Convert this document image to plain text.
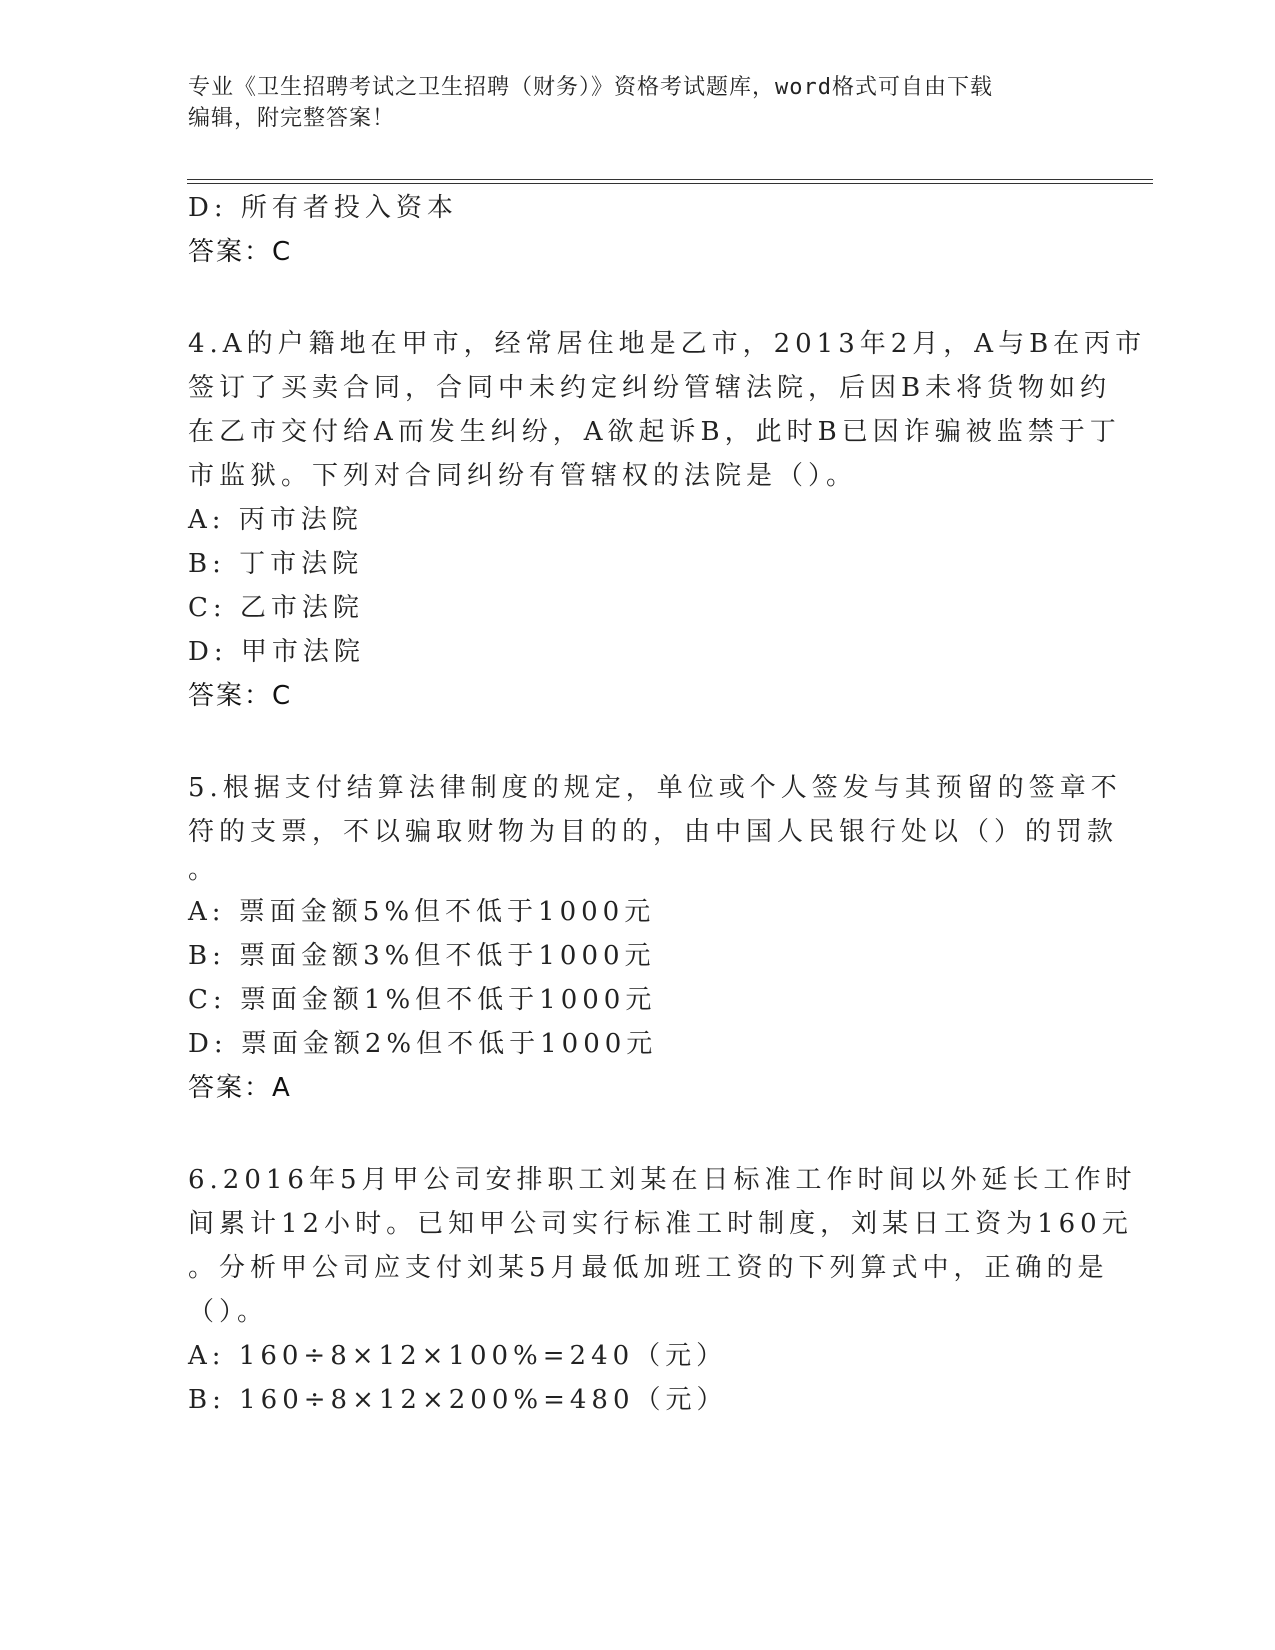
专业《卫生招聘考试之卫生招聘（财务）》资格考试题库，word格式可自由下载
编辑，附完整答案！
D: 所有者投入资本
答案：C
4.A的户籍地在甲市，经常居住地是乙市，2013年2月，A与B在丙市
签订了买卖合同，合同中未约定纠纷管辖法院，后因B未将货物如约
在乙市交付给A而发生纠纷，A欲起诉B，此时B已因诈骗被监禁于丁
市监狱。下列对合同纠纷有管辖权的法院是（）。
A: 丙市法院
B: 丁市法院
C: 乙市法院
D: 甲市法院
答案：C
5.根据支付结算法律制度的规定，单位或个人签发与其预留的签章不
符的支票，不以骗取财物为目的的，由中国人民银行处以（）的罚款
。
A: 票面金额5%但不低于1000元
B: 票面金额3%但不低于1000元
C: 票面金额1%但不低于1000元
D: 票面金额2%但不低于1000元
答案：A
6.2016年5月甲公司安排职工刘某在日标准工作时间以外延长工作时
间累计12小时。已知甲公司实行标准工时制度，刘某日工资为160元
。分析甲公司应支付刘某5月最低加班工资的下列算式中，正确的是
（）。
A: 160÷8×12×100%=240（元）
B: 160÷8×12×200%=480（元）
